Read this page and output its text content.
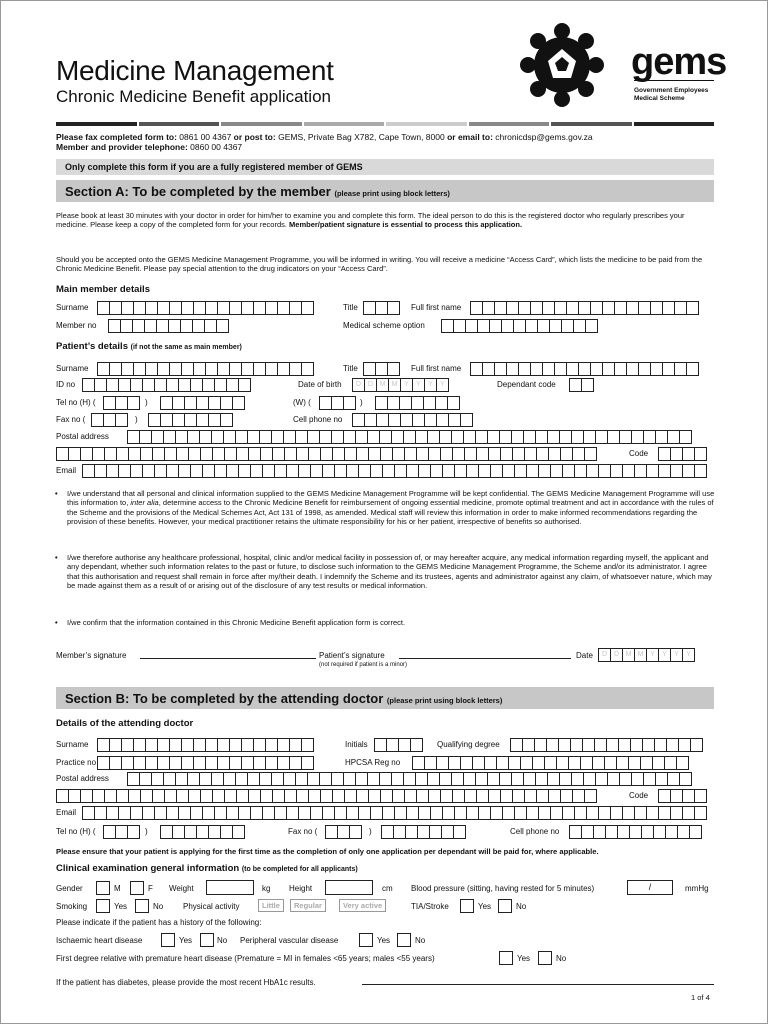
Medicine Management
Chronic Medicine Benefit application
gems
Government Employees
Medical Scheme
Please fax completed form to: 0861 00 4367 or post to: GEMS, Private Bag X782, Cape Town, 8000 or email to: chronicdsp@gems.gov.za
Member and provider telephone: 0860 00 4367
Only complete this form if you are a fully registered member of GEMS
Section A: To be completed by the member (please print using block letters)
Please book at least 30 minutes with your doctor in order for him/her to examine you and complete this form. The ideal person to do this is the registered doctor who regularly prescribes your medicine. Please keep a copy of the completed form for your records. Member/patient signature is essential to process this application.
Should you be accepted onto the GEMS Medicine Management Programme, you will be informed in writing. You will receive a medicine “Access Card”, which lists the medicine to be paid from the Chronic Medicine Benefit. Please pay special attention to the drug indicators on your “Access Card”.
Main member details
Surname	Title	Full first name
Member no	Medical scheme option
Patient’s details (if not the same as main member)
Surname	Title	Full first name
ID no	Date of birth	D D M M Y	Y	Y	Y	Dependant code
Tel no (H) (	)	(W) (	)
Fax no (	)	Cell phone no
Postal address
Code
Email
• I/we understand that all personal and clinical information supplied to the GEMS Medicine Management Programme will be kept confidential. The GEMS Medicine Management Programme will use this information to, inter alia, determine access to the Chronic Medicine Benefit for reimbursement of ongoing essential medicine, promote optimal treatment and act in accordance with the rules of the Scheme and the provisions of the Medical Schemes Act, Act 131 of 1998, as amended. Medical staff will review this information in order to make informed recommendations regarding the provision of these benefits. However, your medical practitioner retains the ultimate responsibility for his or her patient, irrespective of benefits so authorised.
• I/we therefore authorise any healthcare professional, hospital, clinic and/or medical facility in possession of, or may hereafter acquire, any medical information regarding myself, the applicant and any dependant, whether such information relates to the past or future, to disclose such information to the GEMS Medicine Management Programme, the Scheme and/or its administrator. I agree that this authorisation and request shall remain in force after my/their death. I indemnify the Scheme and its trustees, agents and administrator against any claim, of whatsoever nature, which may be made against them as a result of or arising out of the disclosure of any test results or medical information.
• I/we confirm that the information contained in this Chronic Medicine Benefit application form is correct.
Member’s signature	Patient’s signature
(not required if patient is a minor)
Date	D D M M Y	Y	Y	Y
Section B: To be completed by the attending doctor (please print using block letters)
Details of the attending doctor
Surname	Initials	Qualifying degree
Practice no	HPCSA Reg no
Postal address
Code
Email
Tel no (H) (	)	Fax no (	)	Cell phone no
Please ensure that your patient is applying for the first time as the completion of only one application per dependant will be paid for, where applicable.
Clinical examination general information (to be completed for all applicants)
Gender	M	F Weight	kg Height	cm Blood pressure (sitting, having rested for 5 minutes)	/	mmHg
Smoking	Yes	No Physical activity	Little	Regular	Very active	TIA/Stroke	Yes	No
Please indicate if the patient has a history of the following:
Ischaemic heart disease	Yes	No Peripheral vascular disease	Yes	No
First degree relative with premature heart disease (Premature = MI in females <65 years; males <55 years)	Yes	No
If the patient has diabetes, please provide the most recent HbA1c results.
1 of 4
